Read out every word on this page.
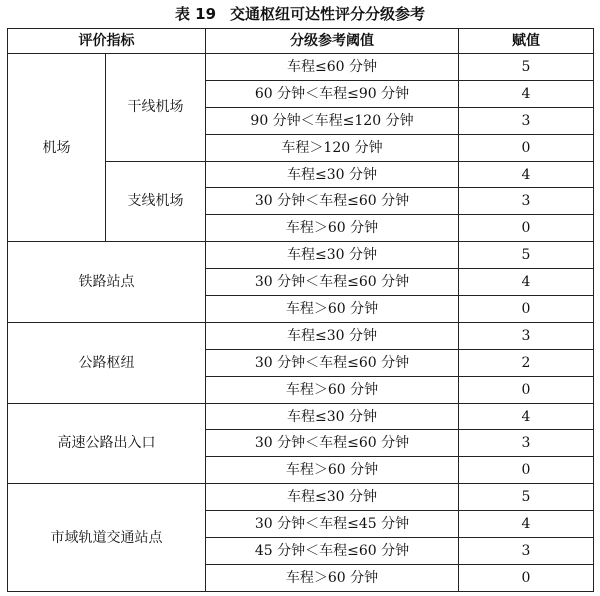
表 19 交通枢纽可达性评分分级参考
评价指标		分级参考阈值	赋值
机场	干线机场	车程≤60 分钟	5
		60 分钟＜车程≤90 分钟	4
		90 分钟＜车程≤120 分钟	3
		车程＞120 分钟	0
	支线机场	车程≤30 分钟	4
		30 分钟＜车程≤60 分钟	3
		车程＞60 分钟	0
铁路站点		车程≤30 分钟	5
		30 分钟＜车程≤60 分钟	4
		车程＞60 分钟	0
公路枢纽		车程≤30 分钟	3
		30 分钟＜车程≤60 分钟	2
		车程＞60 分钟	0
高速公路出入口		车程≤30 分钟	4
		30 分钟＜车程≤60 分钟	3
		车程＞60 分钟	0
市域轨道交通站点		车程≤30 分钟	5
		30 分钟＜车程≤45 分钟	4
		45 分钟＜车程≤60 分钟	3
		车程＞60 分钟	0
